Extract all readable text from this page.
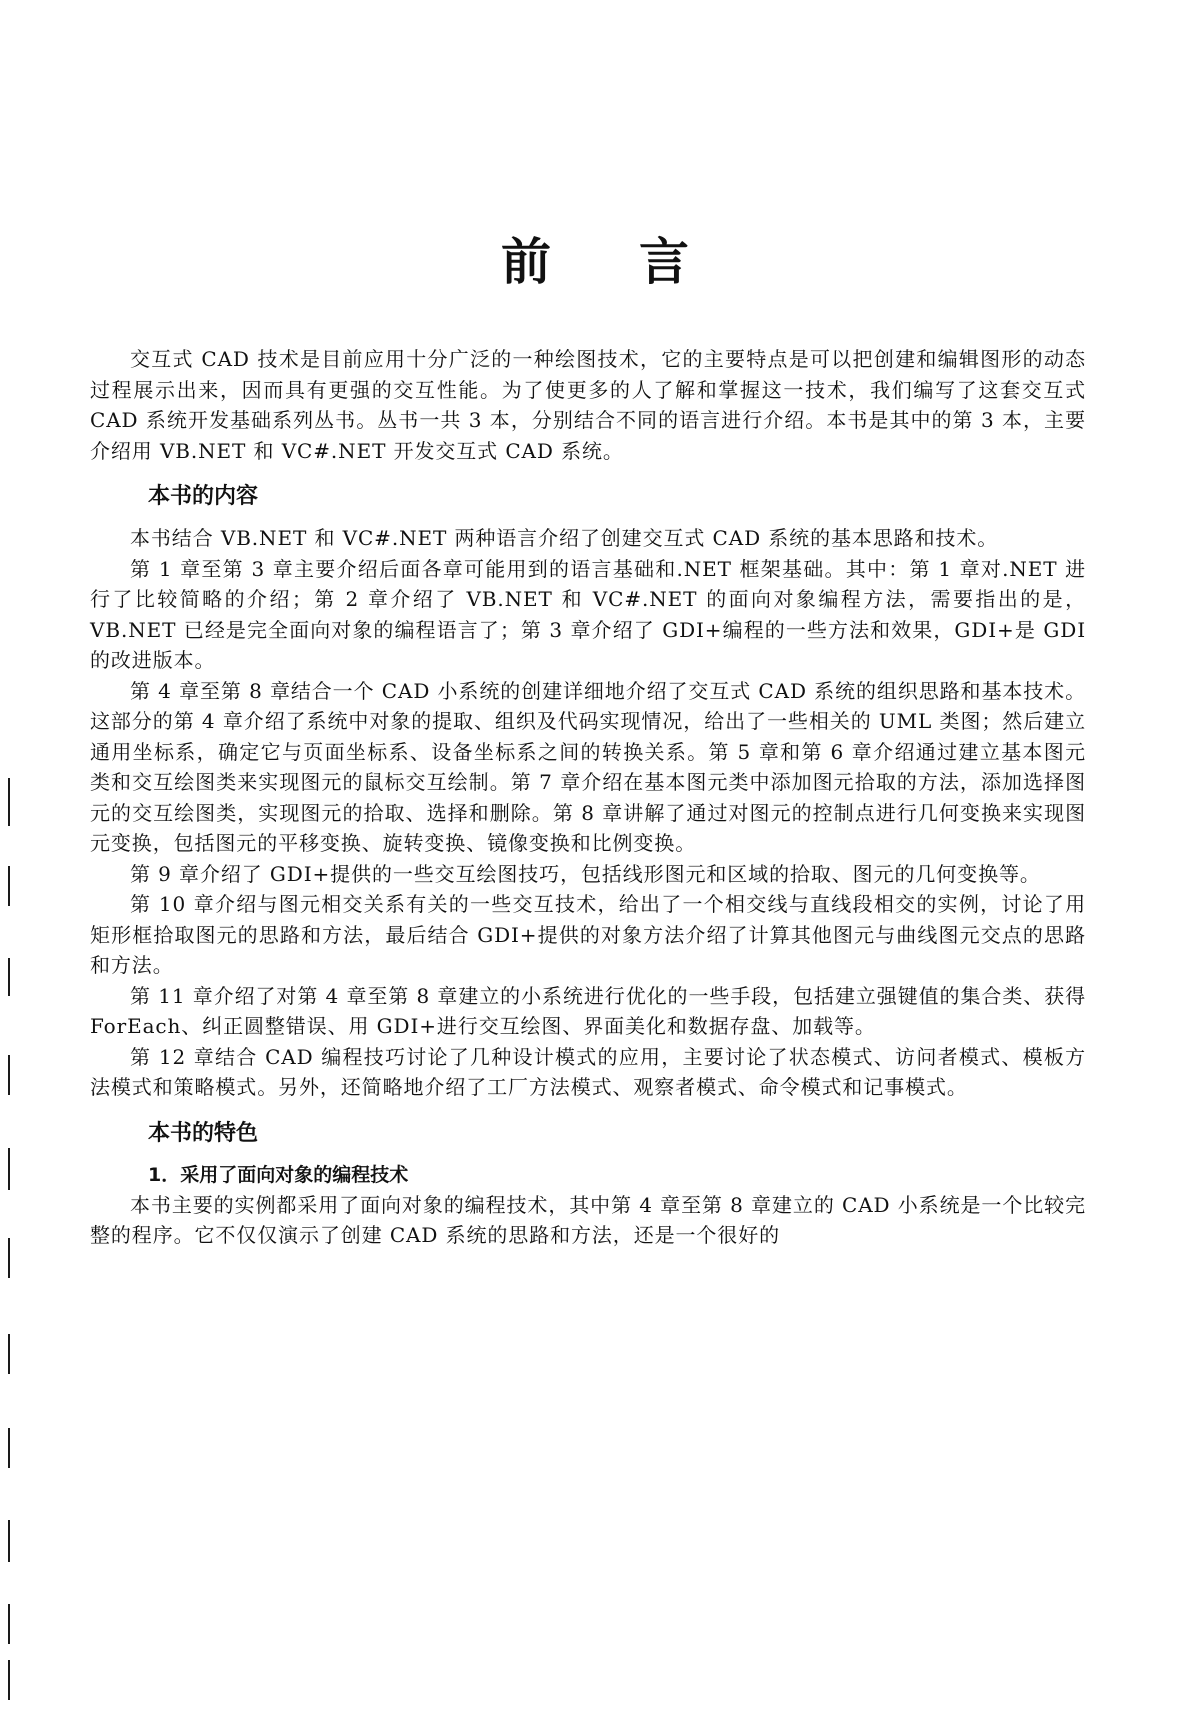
前 言

交互式 CAD 技术是目前应用十分广泛的一种绘图技术，它的主要特点是可以把创建和编辑图形的动态过程展示出来，因而具有更强的交互性能。为了使更多的人了解和掌握这一技术，我们编写了这套交互式 CAD 系统开发基础系列丛书。丛书一共 3 本，分别结合不同的语言进行介绍。本书是其中的第 3 本，主要介绍用 VB.NET 和 VC#.NET 开发交互式 CAD 系统。

本书的内容

本书结合 VB.NET 和 VC#.NET 两种语言介绍了创建交互式 CAD 系统的基本思路和技术。

第 1 章至第 3 章主要介绍后面各章可能用到的语言基础和.NET 框架基础。其中：第 1 章对.NET 进行了比较简略的介绍；第 2 章介绍了 VB.NET 和 VC#.NET 的面向对象编程方法，需要指出的是，VB.NET 已经是完全面向对象的编程语言了；第 3 章介绍了 GDI+编程的一些方法和效果，GDI+是 GDI 的改进版本。

第 4 章至第 8 章结合一个 CAD 小系统的创建详细地介绍了交互式 CAD 系统的组织思路和基本技术。这部分的第 4 章介绍了系统中对象的提取、组织及代码实现情况，给出了一些相关的 UML 类图；然后建立通用坐标系，确定它与页面坐标系、设备坐标系之间的转换关系。第 5 章和第 6 章介绍通过建立基本图元类和交互绘图类来实现图元的鼠标交互绘制。第 7 章介绍在基本图元类中添加图元拾取的方法，添加选择图元的交互绘图类，实现图元的拾取、选择和删除。第 8 章讲解了通过对图元的控制点进行几何变换来实现图元变换，包括图元的平移变换、旋转变换、镜像变换和比例变换。

第 9 章介绍了 GDI+提供的一些交互绘图技巧，包括线形图元和区域的拾取、图元的几何变换等。

第 10 章介绍与图元相交关系有关的一些交互技术，给出了一个相交线与直线段相交的实例，讨论了用矩形框拾取图元的思路和方法，最后结合 GDI+提供的对象方法介绍了计算其他图元与曲线图元交点的思路和方法。

第 11 章介绍了对第 4 章至第 8 章建立的小系统进行优化的一些手段，包括建立强键值的集合类、获得 ForEach、纠正圆整错误、用 GDI+进行交互绘图、界面美化和数据存盘、加载等。

第 12 章结合 CAD 编程技巧讨论了几种设计模式的应用，主要讨论了状态模式、访问者模式、模板方法模式和策略模式。另外，还简略地介绍了工厂方法模式、观察者模式、命令模式和记事模式。

本书的特色
1．采用了面向对象的编程技术

本书主要的实例都采用了面向对象的编程技术，其中第 4 章至第 8 章建立的 CAD 小系统是一个比较完整的程序。它不仅仅演示了创建 CAD 系统的思路和方法，还是一个很好的
